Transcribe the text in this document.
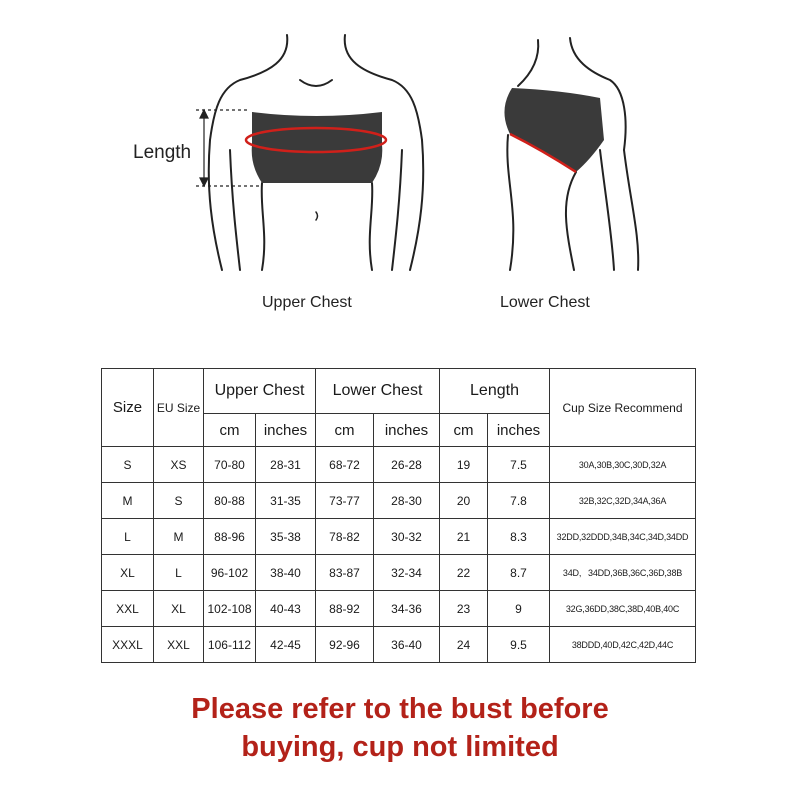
Length
Upper Chest	Lower Chest
Size	EU Size	Upper Chest		Lower Chest		Length		Cup Size Recommend
		cm	inches	cm	inches	cm	inches	
S	XS	70-80	28-31	68-72	26-28	19	7.5	30A,30B,30C,30D,32A
M	S	80-88	31-35	73-77	28-30	20	7.8	32B,32C,32D,34A,36A
L	M	88-96	35-38	78-82	30-32	21	8.3	32DD,32DDD,34B,34C,34D,34DD
XL	L	96-102	38-40	83-87	32-34	22	8.7	34D,   34DD,36B,36C,36D,38B
XXL	XL	102-108	40-43	88-92	34-36	23	9	32G,36DD,38C,38D,40B,40C
XXXL	XXL	106-112	42-45	92-96	36-40	24	9.5	38DDD,40D,42C,42D,44C
Please refer to the bust before
buying, cup not limited
